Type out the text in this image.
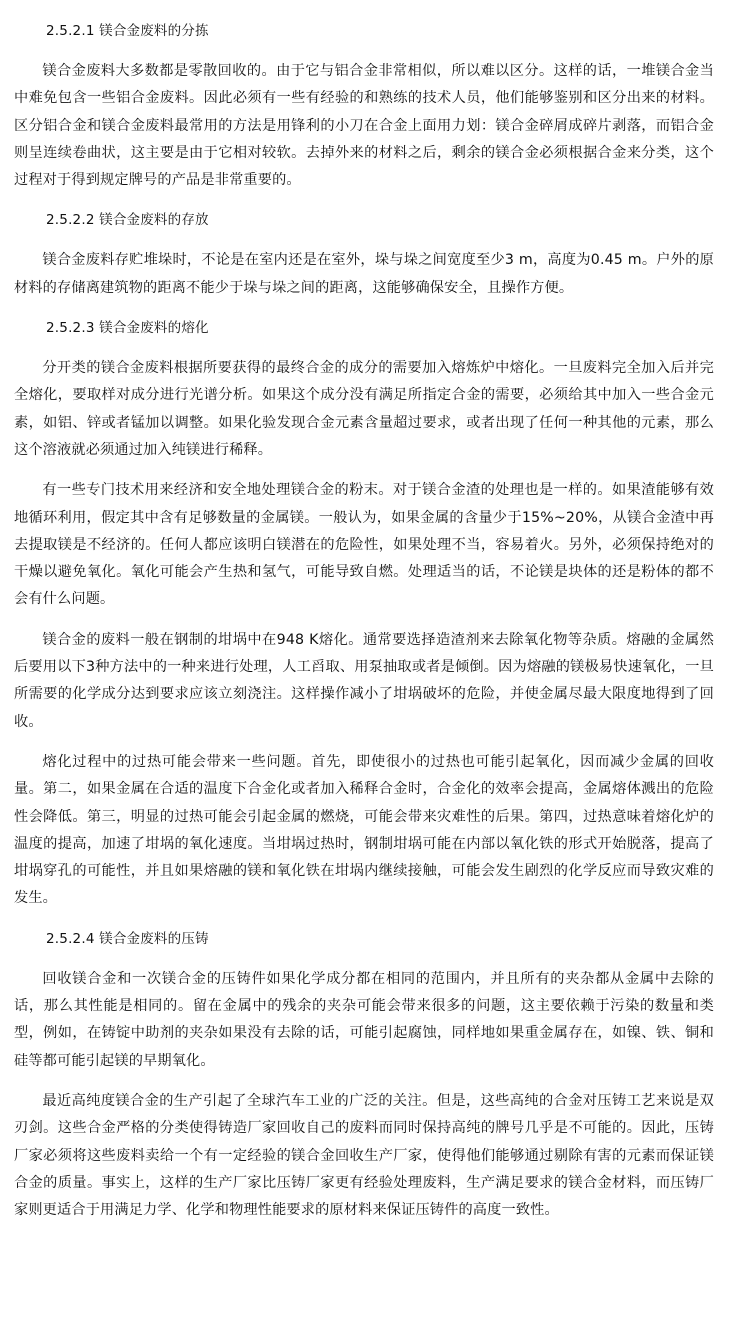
2.5.2.1 镁合金废料的分拣

镁合金废料大多数都是零散回收的。由于它与铝合金非常相似，所以难以区分。这样的话，一堆镁合金当中难免包含一些铝合金废料。因此必须有一些有经验的和熟练的技术人员，他们能够鉴别和区分出来的材料。区分铝合金和镁合金废料最常用的方法是用锋利的小刀在合金上面用力划：镁合金碎屑成碎片剥落，而铝合金则呈连续卷曲状，这主要是由于它相对较软。去掉外来的材料之后，剩余的镁合金必须根据合金来分类，这个过程对于得到规定牌号的产品是非常重要的。

2.5.2.2 镁合金废料的存放

镁合金废料存贮堆垛时，不论是在室内还是在室外，垛与垛之间宽度至少3 m，高度为0.45 m。户外的原材料的存储离建筑物的距离不能少于垛与垛之间的距离，这能够确保安全，且操作方便。

2.5.2.3 镁合金废料的熔化

分开类的镁合金废料根据所要获得的最终合金的成分的需要加入熔炼炉中熔化。一旦废料完全加入后并完全熔化，要取样对成分进行光谱分析。如果这个成分没有满足所指定合金的需要，必须给其中加入一些合金元素，如铝、锌或者锰加以调整。如果化验发现合金元素含量超过要求，或者出现了任何一种其他的元素，那么这个溶液就必须通过加入纯镁进行稀释。

有一些专门技术用来经济和安全地处理镁合金的粉末。对于镁合金渣的处理也是一样的。如果渣能够有效地循环利用，假定其中含有足够数量的金属镁。一般认为，如果金属的含量少于15%~20%，从镁合金渣中再去提取镁是不经济的。任何人都应该明白镁潜在的危险性，如果处理不当，容易着火。另外，必须保持绝对的干燥以避免氧化。氧化可能会产生热和氢气，可能导致自燃。处理适当的话，不论镁是块体的还是粉体的都不会有什么问题。

镁合金的废料一般在钢制的坩埚中在948 K熔化。通常要选择造渣剂来去除氧化物等杂质。熔融的金属然后要用以下3种方法中的一种来进行处理，人工舀取、用泵抽取或者是倾倒。因为熔融的镁极易快速氧化，一旦所需要的化学成分达到要求应该立刻浇注。这样操作减小了坩埚破坏的危险，并使金属尽最大限度地得到了回收。

熔化过程中的过热可能会带来一些问题。首先，即使很小的过热也可能引起氧化，因而减少金属的回收量。第二，如果金属在合适的温度下合金化或者加入稀释合金时，合金化的效率会提高，金属熔体溅出的危险性会降低。第三，明显的过热可能会引起金属的燃烧，可能会带来灾难性的后果。第四，过热意味着熔化炉的温度的提高，加速了坩埚的氧化速度。当坩埚过热时，钢制坩埚可能在内部以氧化铁的形式开始脱落，提高了坩埚穿孔的可能性，并且如果熔融的镁和氧化铁在坩埚内继续接触，可能会发生剧烈的化学反应而导致灾难的发生。

2.5.2.4 镁合金废料的压铸

回收镁合金和一次镁合金的压铸件如果化学成分都在相同的范围内，并且所有的夹杂都从金属中去除的话，那么其性能是相同的。留在金属中的残余的夹杂可能会带来很多的问题，这主要依赖于污染的数量和类型，例如，在铸锭中助剂的夹杂如果没有去除的话，可能引起腐蚀，同样地如果重金属存在，如镍、铁、铜和硅等都可能引起镁的早期氧化。

最近高纯度镁合金的生产引起了全球汽车工业的广泛的关注。但是，这些高纯的合金对压铸工艺来说是双刃剑。这些合金严格的分类使得铸造厂家回收自己的废料而同时保持高纯的牌号几乎是不可能的。因此，压铸厂家必须将这些废料卖给一个有一定经验的镁合金回收生产厂家，使得他们能够通过剔除有害的元素而保证镁合金的质量。事实上，这样的生产厂家比压铸厂家更有经验处理废料，生产满足要求的镁合金材料，而压铸厂家则更适合于用满足力学、化学和物理性能要求的原材料来保证压铸件的高度一致性。
